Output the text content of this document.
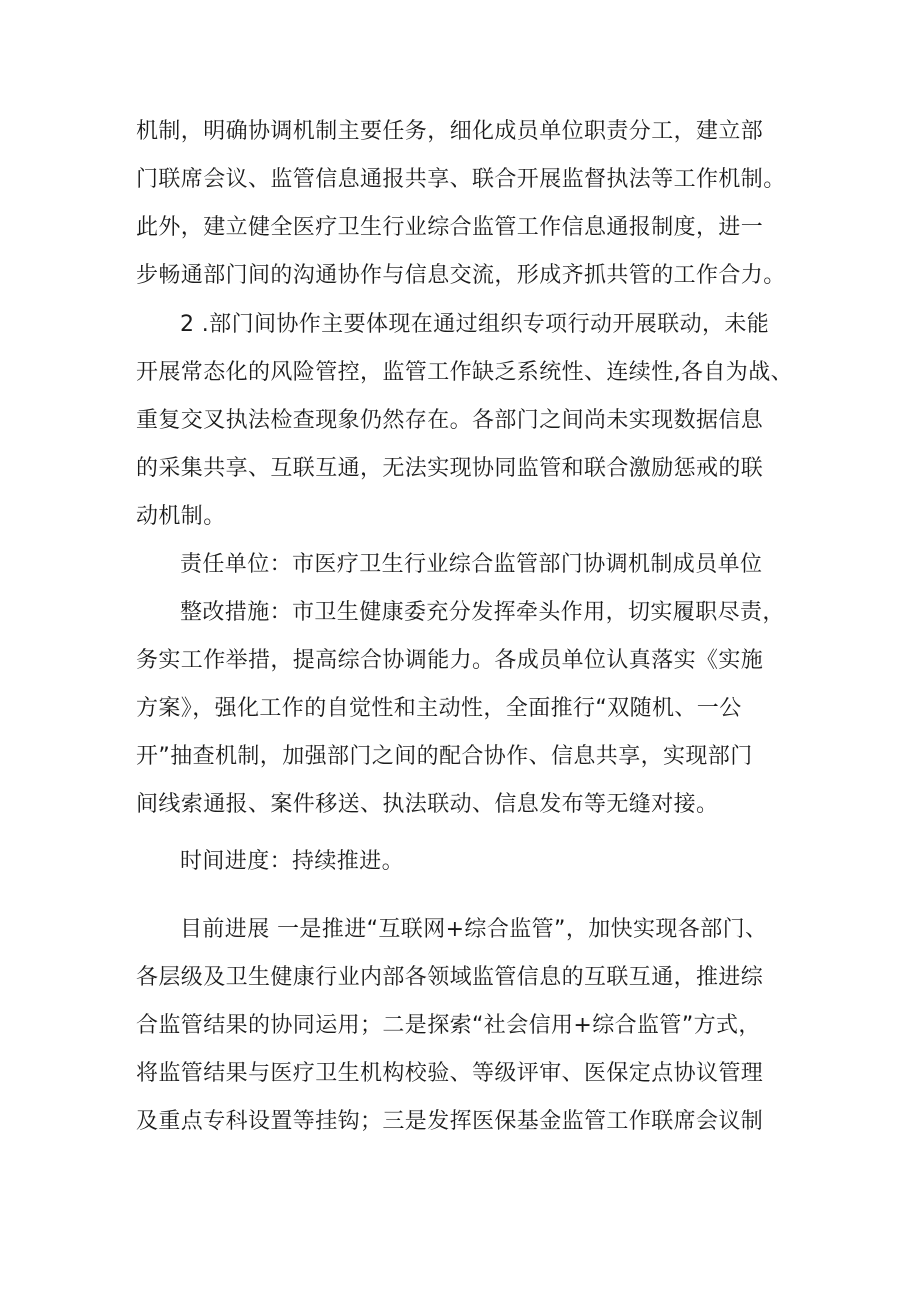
机制，明确协调机制主要任务，细化成员单位职责分工，建立部
门联席会议、监管信息通报共享、联合开展监督执法等工作机制。
此外，建立健全医疗卫生行业综合监管工作信息通报制度，进一
步畅通部门间的沟通协作与信息交流，形成齐抓共管的工作合力。
2 .部门间协作主要体现在通过组织专项行动开展联动，未能
开展常态化的风险管控，监管工作缺乏系统性、连续性,各自为战、
重复交叉执法检查现象仍然存在。各部门之间尚未实现数据信息
的采集共享、互联互通，无法实现协同监管和联合激励惩戒的联
动机制。
责任单位：市医疗卫生行业综合监管部门协调机制成员单位
整改措施：市卫生健康委充分发挥牵头作用，切实履职尽责，
务实工作举措，提高综合协调能力。各成员单位认真落实《实施
方案》，强化工作的自觉性和主动性，全面推行“双随机、一公
开”抽查机制，加强部门之间的配合协作、信息共享，实现部门
间线索通报、案件移送、执法联动、信息发布等无缝对接。
时间进度：持续推进。
目前进展 一是推进“互联网+综合监管”，加快实现各部门、
各层级及卫生健康行业内部各领域监管信息的互联互通，推进综
合监管结果的协同运用；二是探索“社会信用+综合监管”方式，
将监管结果与医疗卫生机构校验、等级评审、医保定点协议管理
及重点专科设置等挂钩；三是发挥医保基金监管工作联席会议制
